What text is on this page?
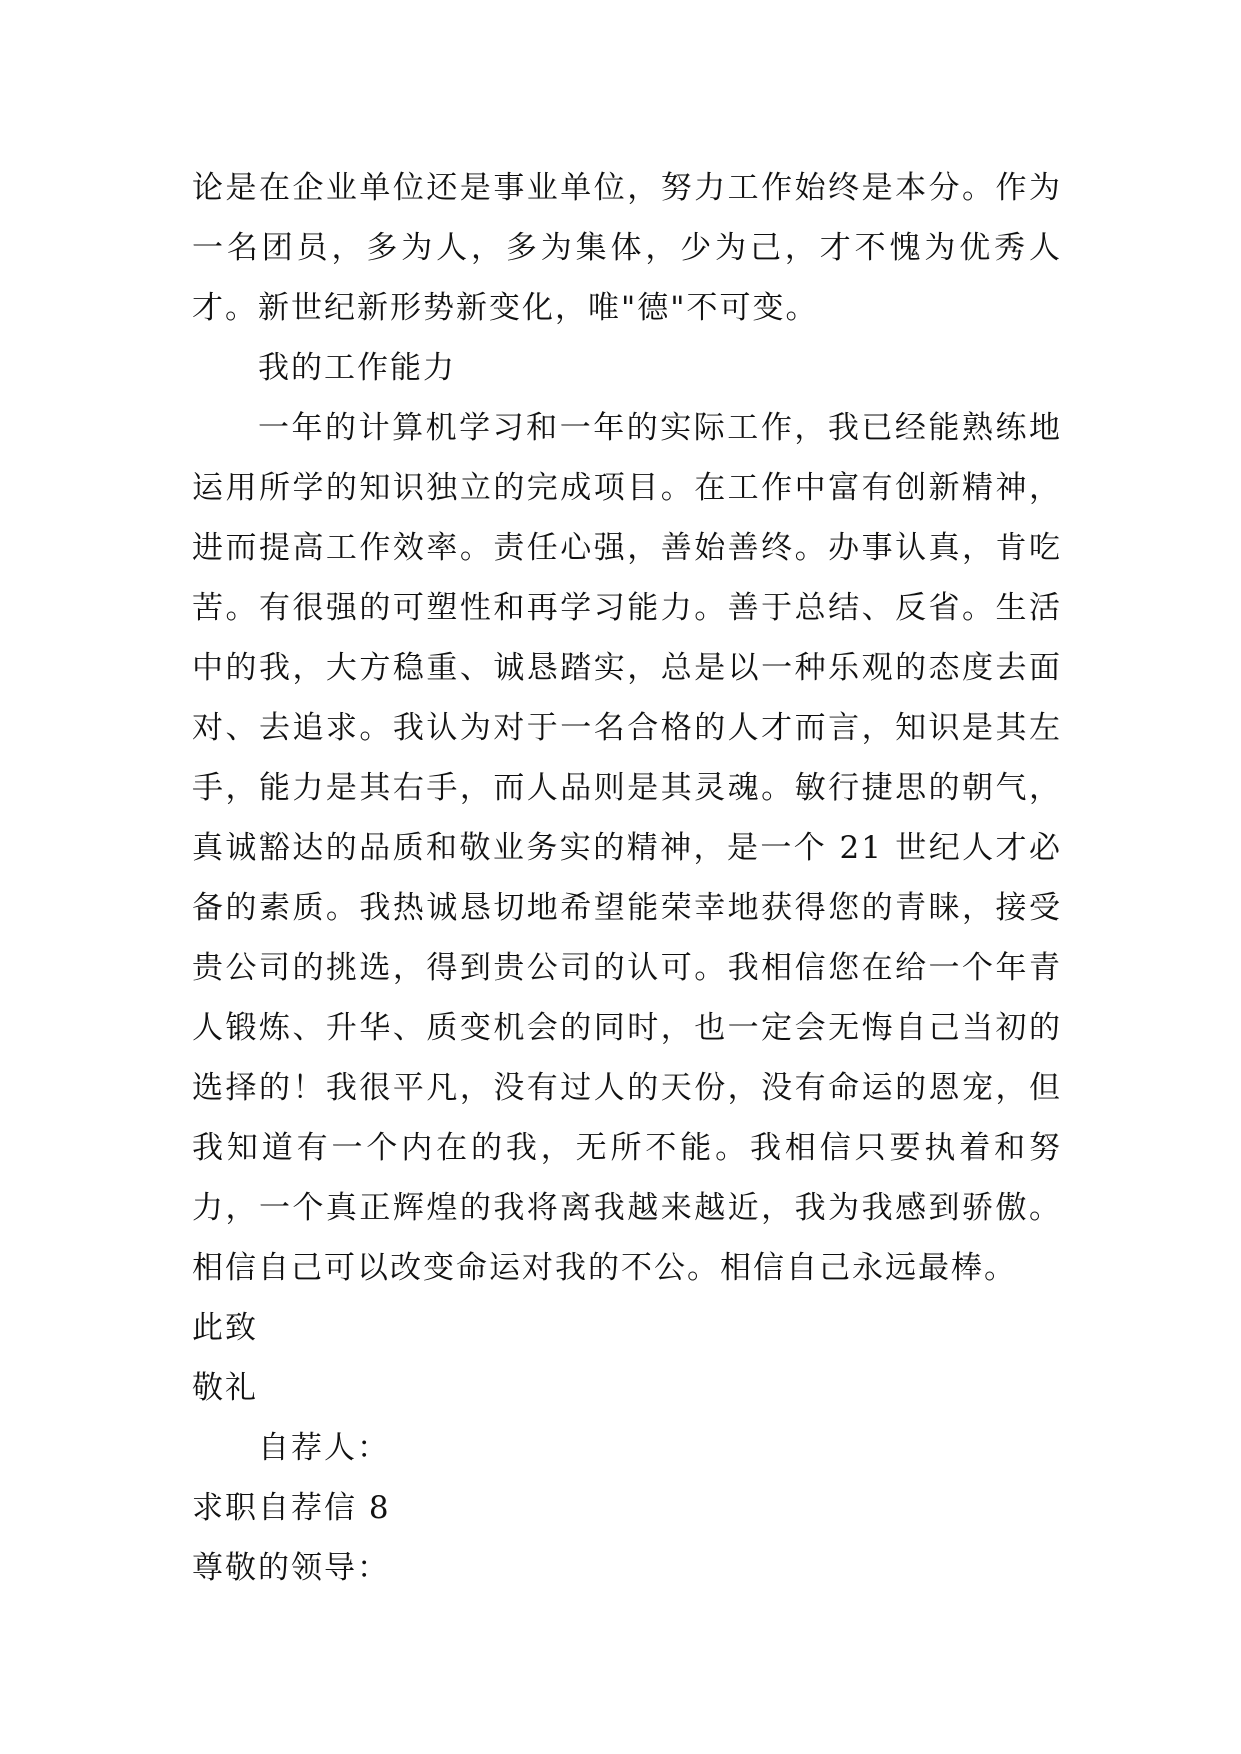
论是在企业单位还是事业单位，努力工作始终是本分。作为一名团员，多为人，多为集体，少为己，才不愧为优秀人才。新世纪新形势新变化，唯"德"不可变。

我的工作能力

一年的计算机学习和一年的实际工作，我已经能熟练地运用所学的知识独立的完成项目。在工作中富有创新精神，进而提高工作效率。责任心强，善始善终。办事认真，肯吃苦。有很强的可塑性和再学习能力。善于总结、反省。生活中的我，大方稳重、诚恳踏实，总是以一种乐观的态度去面对、去追求。我认为对于一名合格的人才而言，知识是其左手，能力是其右手，而人品则是其灵魂。敏行捷思的朝气，真诚豁达的品质和敬业务实的精神，是一个 21 世纪人才必备的素质。我热诚恳切地希望能荣幸地获得您的青睐，接受贵公司的挑选，得到贵公司的认可。我相信您在给一个年青人锻炼、升华、质变机会的同时，也一定会无悔自己当初的选择的！我很平凡，没有过人的天份，没有命运的恩宠，但我知道有一个内在的我，无所不能。我相信只要执着和努力，一个真正辉煌的我将离我越来越近，我为我感到骄傲。相信自己可以改变命运对我的不公。相信自己永远最棒。

此致

敬礼

自荐人：

求职自荐信 8

尊敬的领导：
